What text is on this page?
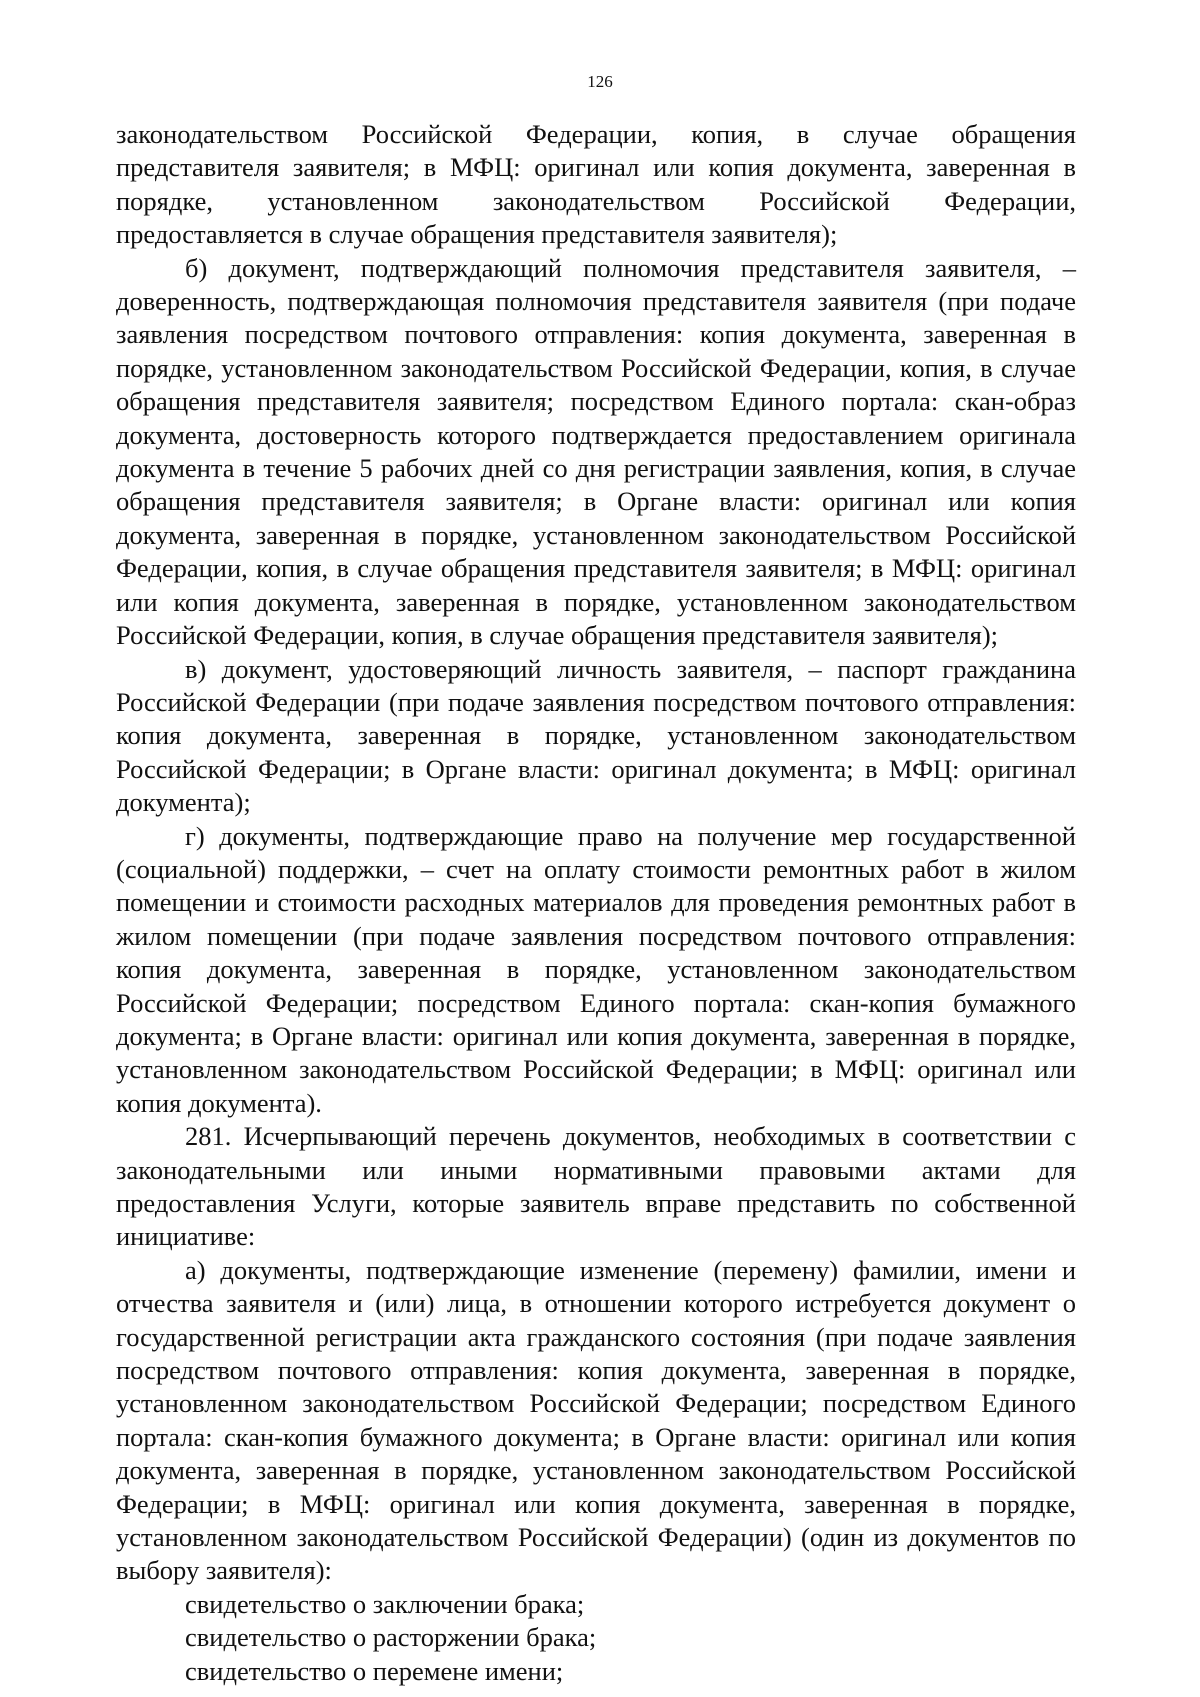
126

законодательством Российской Федерации, копия, в случае обращения представителя заявителя; в МФЦ: оригинал или копия документа, заверенная в порядке, установленном законодательством Российской Федерации, предоставляется в случае обращения представителя заявителя);

б) документ, подтверждающий полномочия представителя заявителя, – доверенность, подтверждающая полномочия представителя заявителя (при подаче заявления посредством почтового отправления: копия документа, заверенная в порядке, установленном законодательством Российской Федерации, копия, в случае обращения представителя заявителя; посредством Единого портала: скан-образ документа, достоверность которого подтверждается предоставлением оригинала документа в течение 5 рабочих дней со дня регистрации заявления, копия, в случае обращения представителя заявителя; в Органе власти: оригинал или копия документа, заверенная в порядке, установленном законодательством Российской Федерации, копия, в случае обращения представителя заявителя; в МФЦ: оригинал или копия документа, заверенная в порядке, установленном законодательством Российской Федерации, копия, в случае обращения представителя заявителя);

в) документ, удостоверяющий личность заявителя, – паспорт гражданина Российской Федерации (при подаче заявления посредством почтового отправления: копия документа, заверенная в порядке, установленном законодательством Российской Федерации; в Органе власти: оригинал документа; в МФЦ: оригинал документа);

г) документы, подтверждающие право на получение мер государственной (социальной) поддержки, – счет на оплату стоимости ремонтных работ в жилом помещении и стоимости расходных материалов для проведения ремонтных работ в жилом помещении (при подаче заявления посредством почтового отправления: копия документа, заверенная в порядке, установленном законодательством Российской Федерации; посредством Единого портала: скан-копия бумажного документа; в Органе власти: оригинал или копия документа, заверенная в порядке, установленном законодательством Российской Федерации; в МФЦ: оригинал или копия документа).

281. Исчерпывающий перечень документов, необходимых в соответствии с законодательными или иными нормативными правовыми актами для предоставления Услуги, которые заявитель вправе представить по собственной инициативе:

а) документы, подтверждающие изменение (перемену) фамилии, имени и отчества заявителя и (или) лица, в отношении которого истребуется документ о государственной регистрации акта гражданского состояния (при подаче заявления посредством почтового отправления: копия документа, заверенная в порядке, установленном законодательством Российской Федерации; посредством Единого портала: скан-копия бумажного документа; в Органе власти: оригинал или копия документа, заверенная в порядке, установленном законодательством Российской Федерации; в МФЦ: оригинал или копия документа, заверенная в порядке, установленном законодательством Российской Федерации) (один из документов по выбору заявителя):

свидетельство о заключении брака;

свидетельство о расторжении брака;

свидетельство о перемене имени;
